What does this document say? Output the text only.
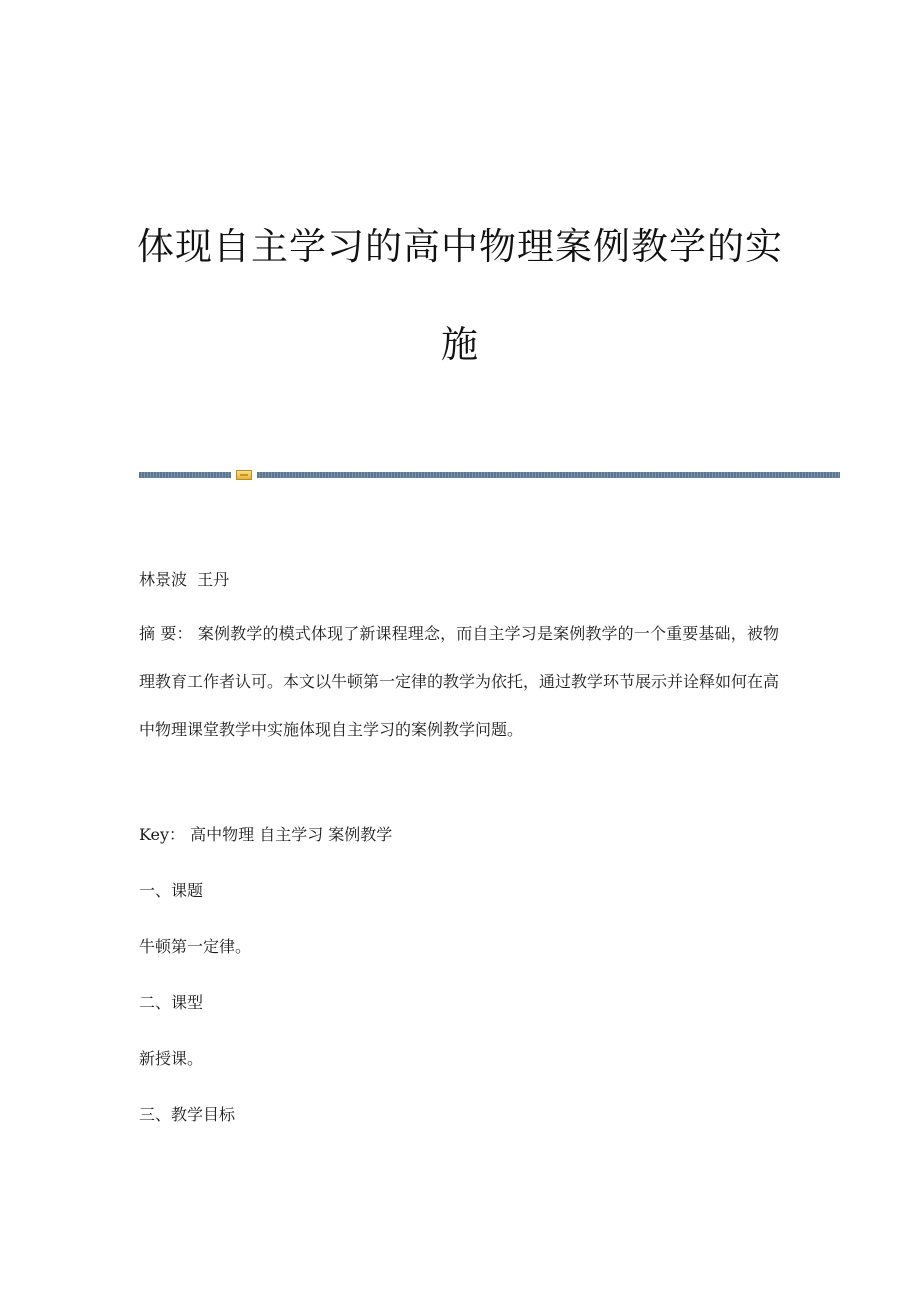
体现自主学习的高中物理案例教学的实
施

林景波  王丹

摘 要： 案例教学的模式体现了新课程理念，而自主学习是案例教学的一个重要基础，被物理教育工作者认可。本文以牛顿第一定律的教学为依托，通过教学环节展示并诠释如何在高中物理课堂教学中实施体现自主学习的案例教学问题。

Key： 高中物理 自主学习 案例教学

一、课题

牛顿第一定律。

二、课型

新授课。

三、教学目标
